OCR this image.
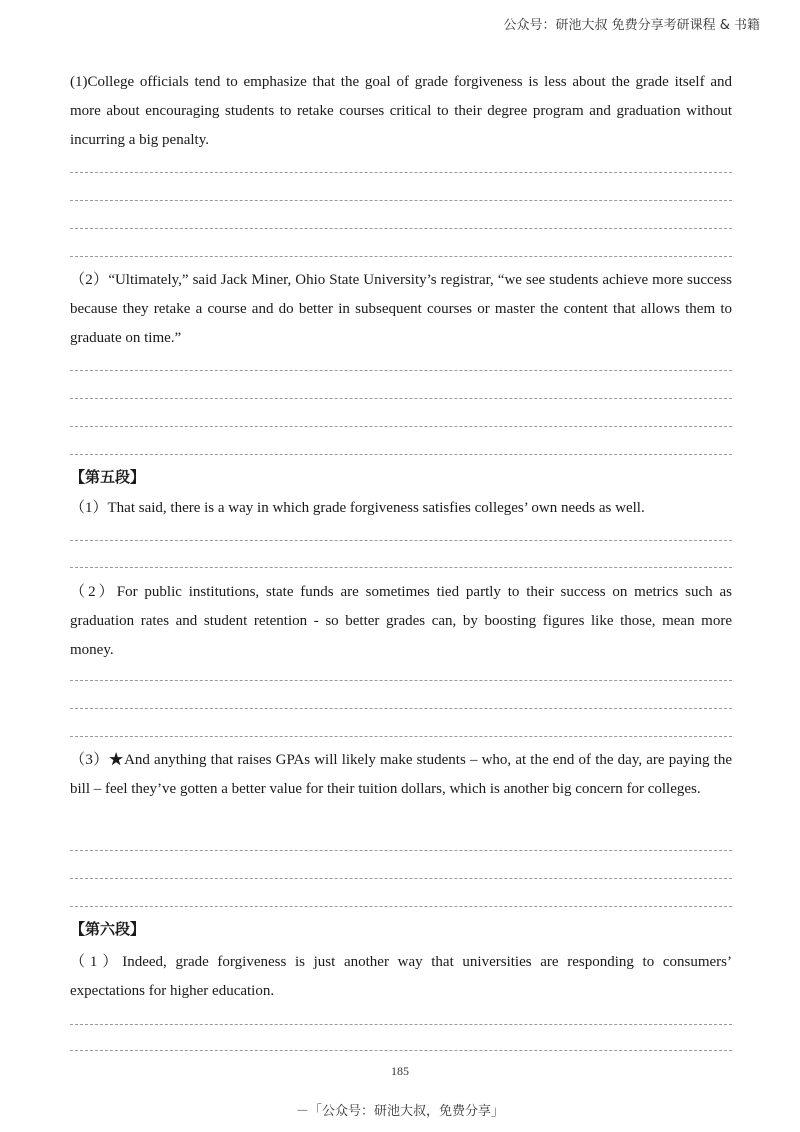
公众号：研池大叔 免费分享考研课程 & 书籍
(1)College officials tend to emphasize that the goal of grade forgiveness is less about the grade itself and more about encouraging students to retake courses critical to their degree program and graduation without incurring a big penalty.
（2）“Ultimately,” said Jack Miner, Ohio State University’s registrar, “we see students achieve more success because they retake a course and do better in subsequent courses or master the content that allows them to graduate on time.”
【第五段】
（1）That said, there is a way in which grade forgiveness satisfies colleges’ own needs as well.
（2）For public institutions, state funds are sometimes tied partly to their success on metrics such as graduation rates and student retention - so better grades can, by boosting figures like those, mean more money.
（3）★And anything that raises GPAs will likely make students – who, at the end of the day, are paying the bill – feel they’ve gotten a better value for their tuition dollars, which is another big concern for colleges.
【第六段】
（1）Indeed, grade forgiveness is just another way that universities are responding to consumers’ expectations for higher education.
185
－「公众号：研池大叔，免费分享」
